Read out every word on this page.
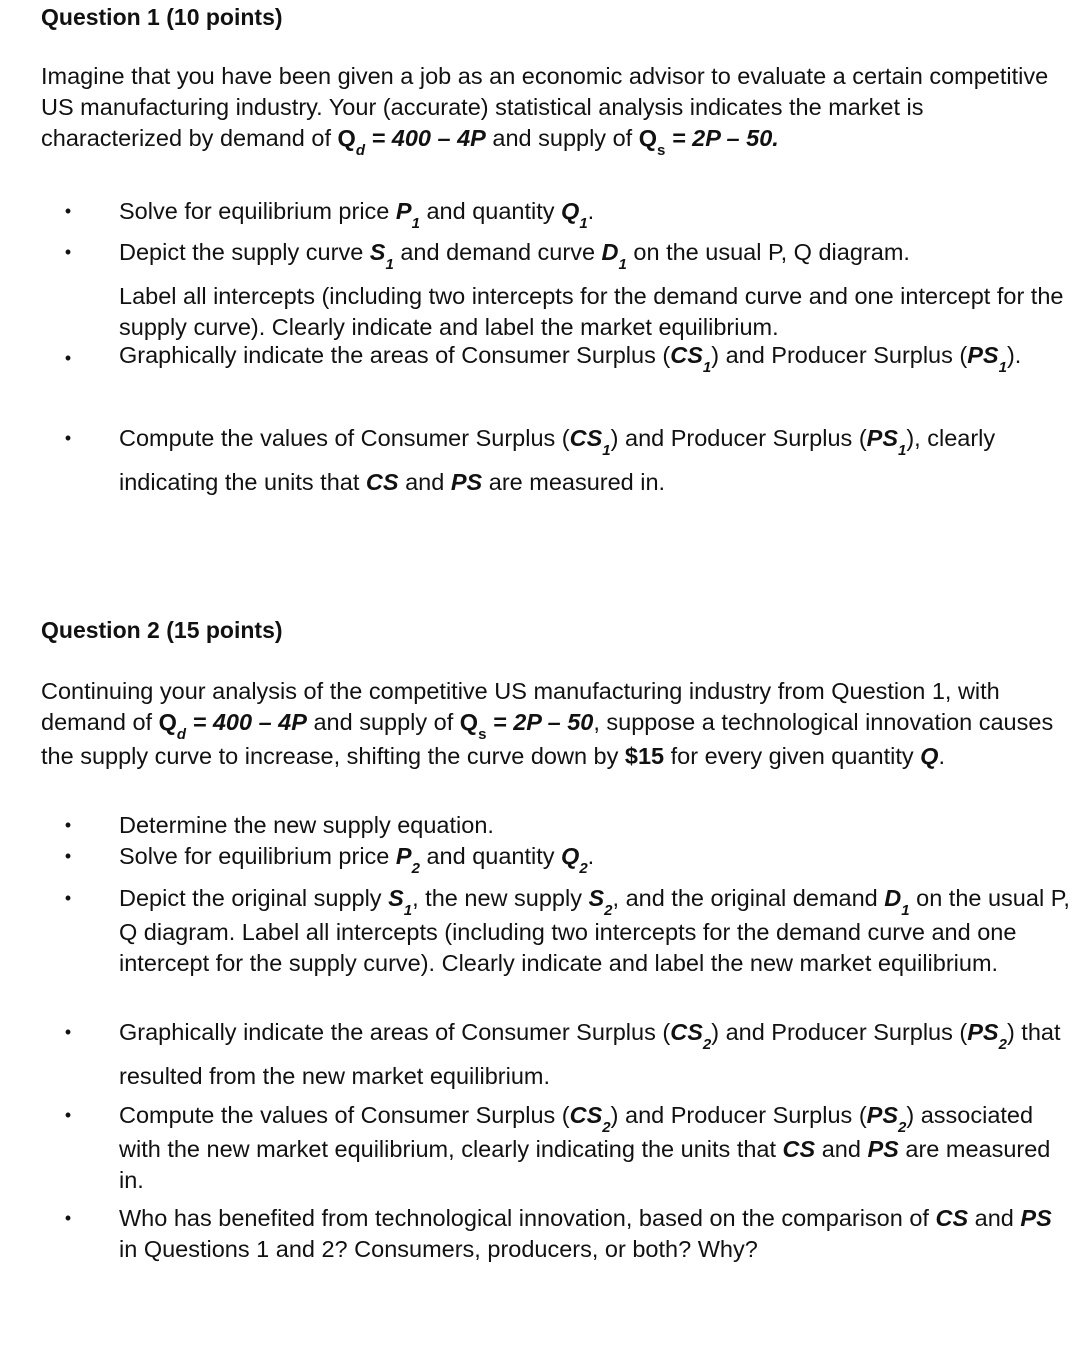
Question 1 (10 points)
Imagine that you have been given a job as an economic advisor to evaluate a certain competitive US manufacturing industry. Your (accurate) statistical analysis indicates the market is characterized by demand of $Q_d = 400 - 4P$ and supply of $Q_s = 2P - 50$.
• Solve for equilibrium price $P_1$ and quantity $Q_1$.
• Depict the supply curve $S_1$ and demand curve $D_1$ on the usual P, Q diagram.
Label all intercepts (including two intercepts for the demand curve and one intercept for the supply curve). Clearly indicate and label the market equilibrium.
• Graphically indicate the areas of Consumer Surplus $(CS_1)$ and Producer Surplus $(PS_1)$.
• Compute the values of Consumer Surplus $(CS_1)$ and Producer Surplus $(PS_1)$, clearly indicating the units that CS and PS are measured in.
Question 2 (15 points)
Continuing your analysis of the competitive US manufacturing industry from Question 1, with demand of $Q_d = 400 - 4P$ and supply of $Q_s = 2P - 50$, suppose a technological innovation causes the supply curve to increase, shifting the curve down by $15 for every given quantity Q.
• Determine the new supply equation.
• Solve for equilibrium price $P_2$ and quantity $Q_2$.
• Depict the original supply $S_1$, the new supply $S_2$, and the original demand $D_1$ on the usual P, Q diagram. Label all intercepts (including two intercepts for the demand curve and one intercept for the supply curve). Clearly indicate and label the new market equilibrium.
• Graphically indicate the areas of Consumer Surplus $(CS_2)$ and Producer Surplus $(PS_2)$ that resulted from the new market equilibrium.
• Compute the values of Consumer Surplus $(CS_2)$ and Producer Surplus $(PS_2)$ associated with the new market equilibrium, clearly indicating the units that CS and PS are measured in.
• Who has benefited from technological innovation, based on the comparison of CS and PS in Questions 1 and 2? Consumers, producers, or both? Why?
